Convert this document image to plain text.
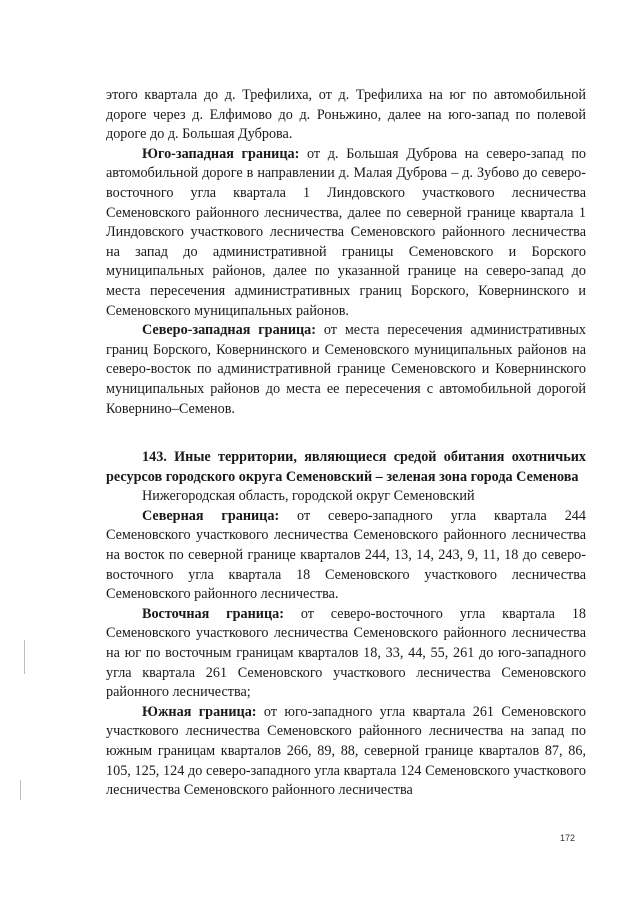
этого квартала до д. Трефилиха, от д. Трефилиха на юг по автомобильной дороге через д. Елфимово до д. Роньжино, далее на юго-запад по полевой дороге до д. Большая Дуброва.

Юго-западная граница: от д. Большая Дуброва на северо-запад по автомобильной дороге в направлении д. Малая Дуброва – д. Зубово до северо-восточного угла квартала 1 Линдовского участкового лесничества Семеновского районного лесничества, далее по северной границе квартала 1 Линдовского участкового лесничества Семеновского районного лесничества на запад до административной границы Семеновского и Борского муниципальных районов, далее по указанной границе на северо-запад до места пересечения административных границ Борского, Ковернинского и Семеновского муниципальных районов.

Северо-западная граница: от места пересечения административных границ Борского, Ковернинского и Семеновского муниципальных районов на северо-восток по административной границе Семеновского и Ковернинского муниципальных районов до места ее пересечения с автомобильной дорогой Ковернино–Семенов.

143. Иные территории, являющиеся средой обитания охотничьих ресурсов городского округа Семеновский – зеленая зона города Семенова

Нижегородская область, городской округ Семеновский

Северная граница: от северо-западного угла квартала 244 Семеновского участкового лесничества Семеновского районного лесничества на восток по северной границе кварталов 244, 13, 14, 243, 9, 11, 18 до северо-восточного угла квартала 18 Семеновского участкового лесничества Семеновского районного лесничества.

Восточная граница: от северо-восточного угла квартала 18 Семеновского участкового лесничества Семеновского районного лесничества на юг по восточным границам кварталов 18, 33, 44, 55, 261 до юго-западного угла квартала 261 Семеновского участкового лесничества Семеновского районного лесничества;

Южная граница: от юго-западного угла квартала 261 Семеновского участкового лесничества Семеновского районного лесничества на запад по южным границам кварталов 266, 89, 88, северной границе кварталов 87, 86, 105, 125, 124 до северо-западного угла квартала 124 Семеновского участкового лесничества Семеновского районного лесничества

172
